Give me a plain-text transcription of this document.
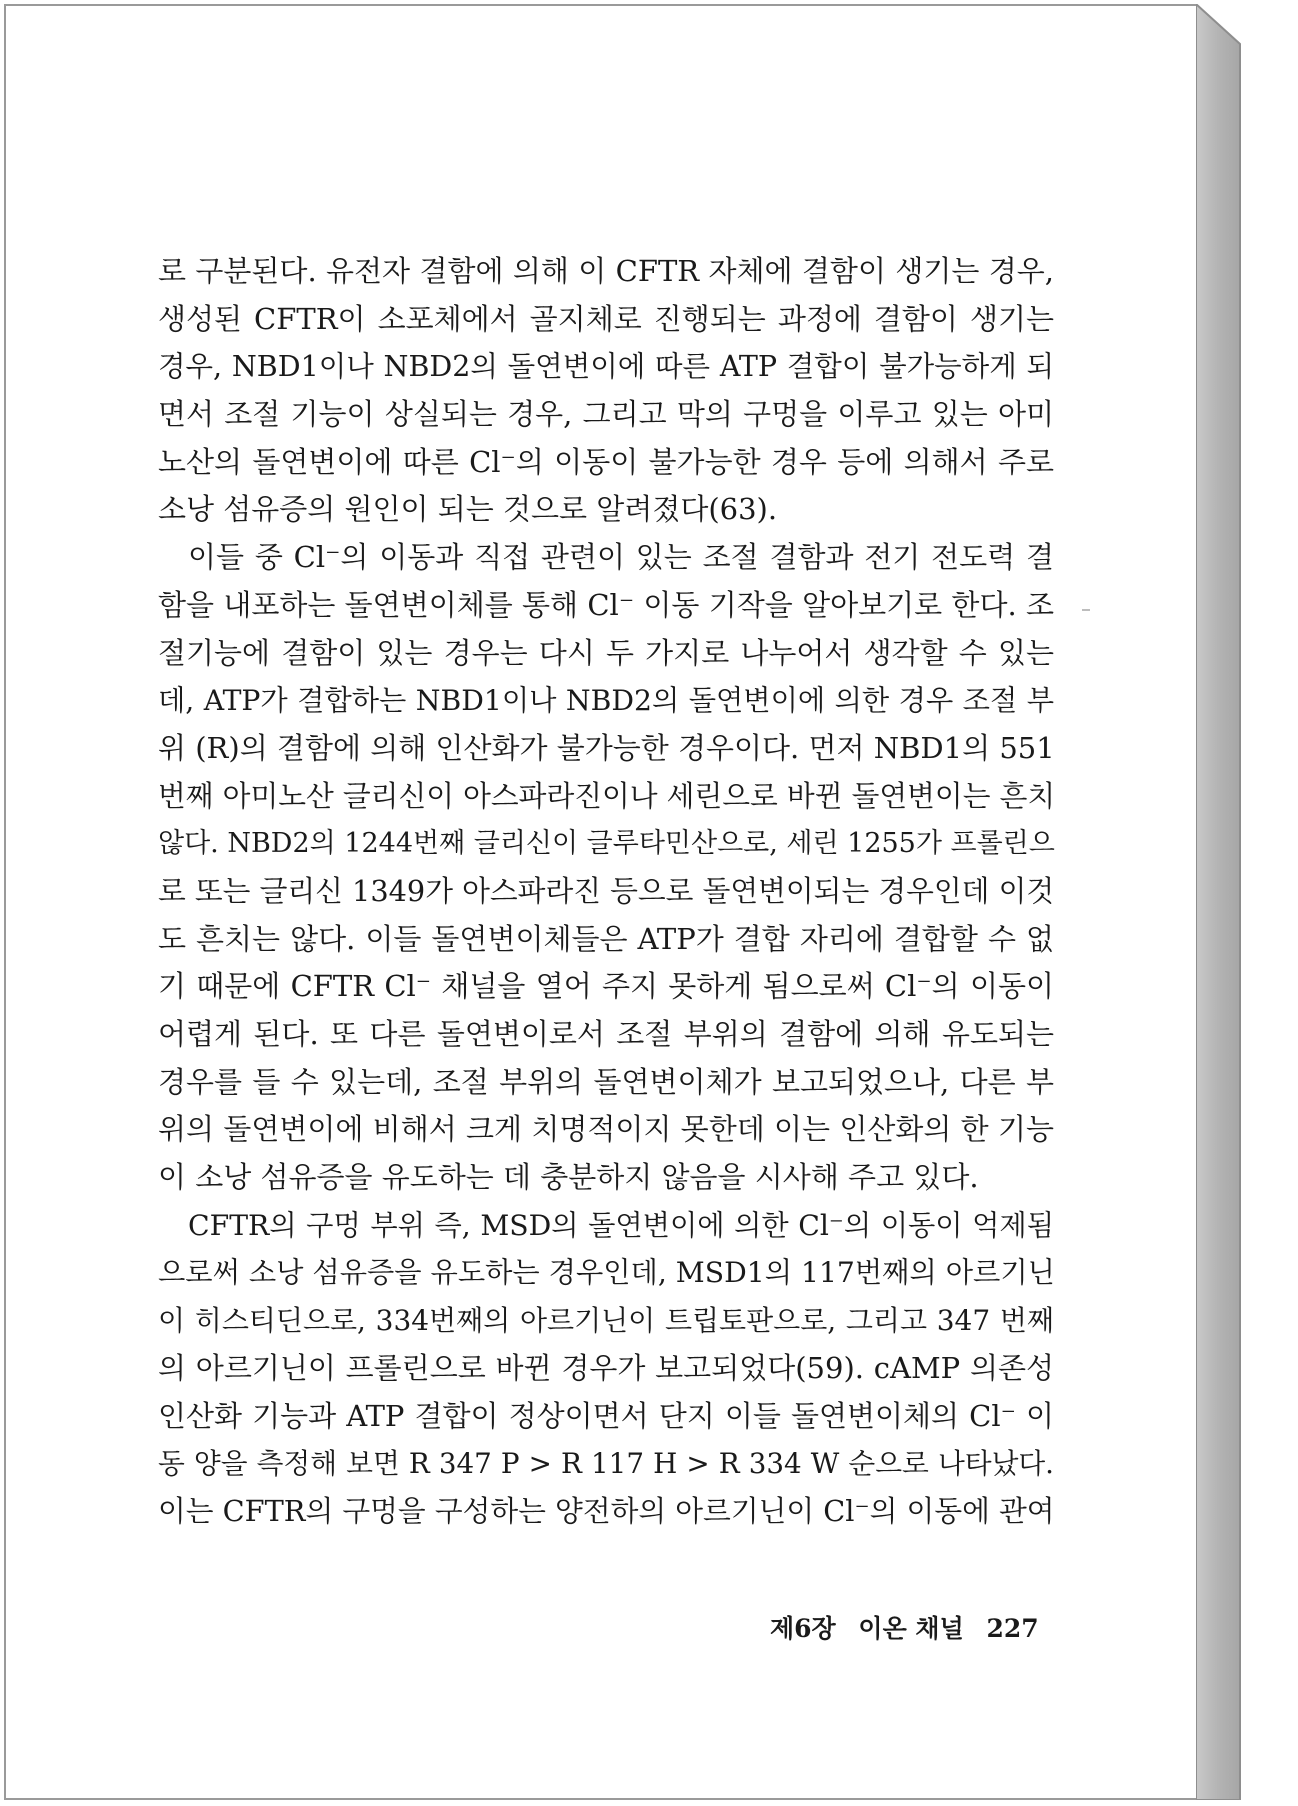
로 구분된다. 유전자 결함에 의해 이 CFTR 자체에 결함이 생기는 경우,
생성된 CFTR이 소포체에서 골지체로 진행되는 과정에 결함이 생기는
경우, NBD1이나 NBD2의 돌연변이에 따른 ATP 결합이 불가능하게 되
면서 조절 기능이 상실되는 경우, 그리고 막의 구멍을 이루고 있는 아미
노산의 돌연변이에 따른 Cl⁻의 이동이 불가능한 경우 등에 의해서 주로
소낭 섬유증의 원인이 되는 것으로 알려졌다(63).
이들 중 Cl⁻의 이동과 직접 관련이 있는 조절 결함과 전기 전도력 결
함을 내포하는 돌연변이체를 통해 Cl⁻ 이동 기작을 알아보기로 한다. 조
절기능에 결함이 있는 경우는 다시 두 가지로 나누어서 생각할 수 있는
데, ATP가 결합하는 NBD1이나 NBD2의 돌연변이에 의한 경우 조절 부
위 (R)의 결함에 의해 인산화가 불가능한 경우이다. 먼저 NBD1의 551
번째 아미노산 글리신이 아스파라진이나 세린으로 바뀐 돌연변이는 흔치
않다. NBD2의 1244번째 글리신이 글루타민산으로, 세린 1255가 프롤린으
로 또는 글리신 1349가 아스파라진 등으로 돌연변이되는 경우인데 이것
도 흔치는 않다. 이들 돌연변이체들은 ATP가 결합 자리에 결합할 수 없
기 때문에 CFTR Cl⁻ 채널을 열어 주지 못하게 됨으로써 Cl⁻의 이동이
어렵게 된다. 또 다른 돌연변이로서 조절 부위의 결함에 의해 유도되는
경우를 들 수 있는데, 조절 부위의 돌연변이체가 보고되었으나, 다른 부
위의 돌연변이에 비해서 크게 치명적이지 못한데 이는 인산화의 한 기능
이 소낭 섬유증을 유도하는 데 충분하지 않음을 시사해 주고 있다.
CFTR의 구멍 부위 즉, MSD의 돌연변이에 의한 Cl⁻의 이동이 억제됨
으로써 소낭 섬유증을 유도하는 경우인데, MSD1의 117번째의 아르기닌
이 히스티딘으로, 334번째의 아르기닌이 트립토판으로, 그리고 347 번째
의 아르기닌이 프롤린으로 바뀐 경우가 보고되었다(59). cAMP 의존성
인산화 기능과 ATP 결합이 정상이면서 단지 이들 돌연변이체의 Cl⁻ 이
동 양을 측정해 보면 R 347 P > R 117 H > R 334 W 순으로 나타났다.
이는 CFTR의 구멍을 구성하는 양전하의 아르기닌이 Cl⁻의 이동에 관여
제6장 이온 채널 227
